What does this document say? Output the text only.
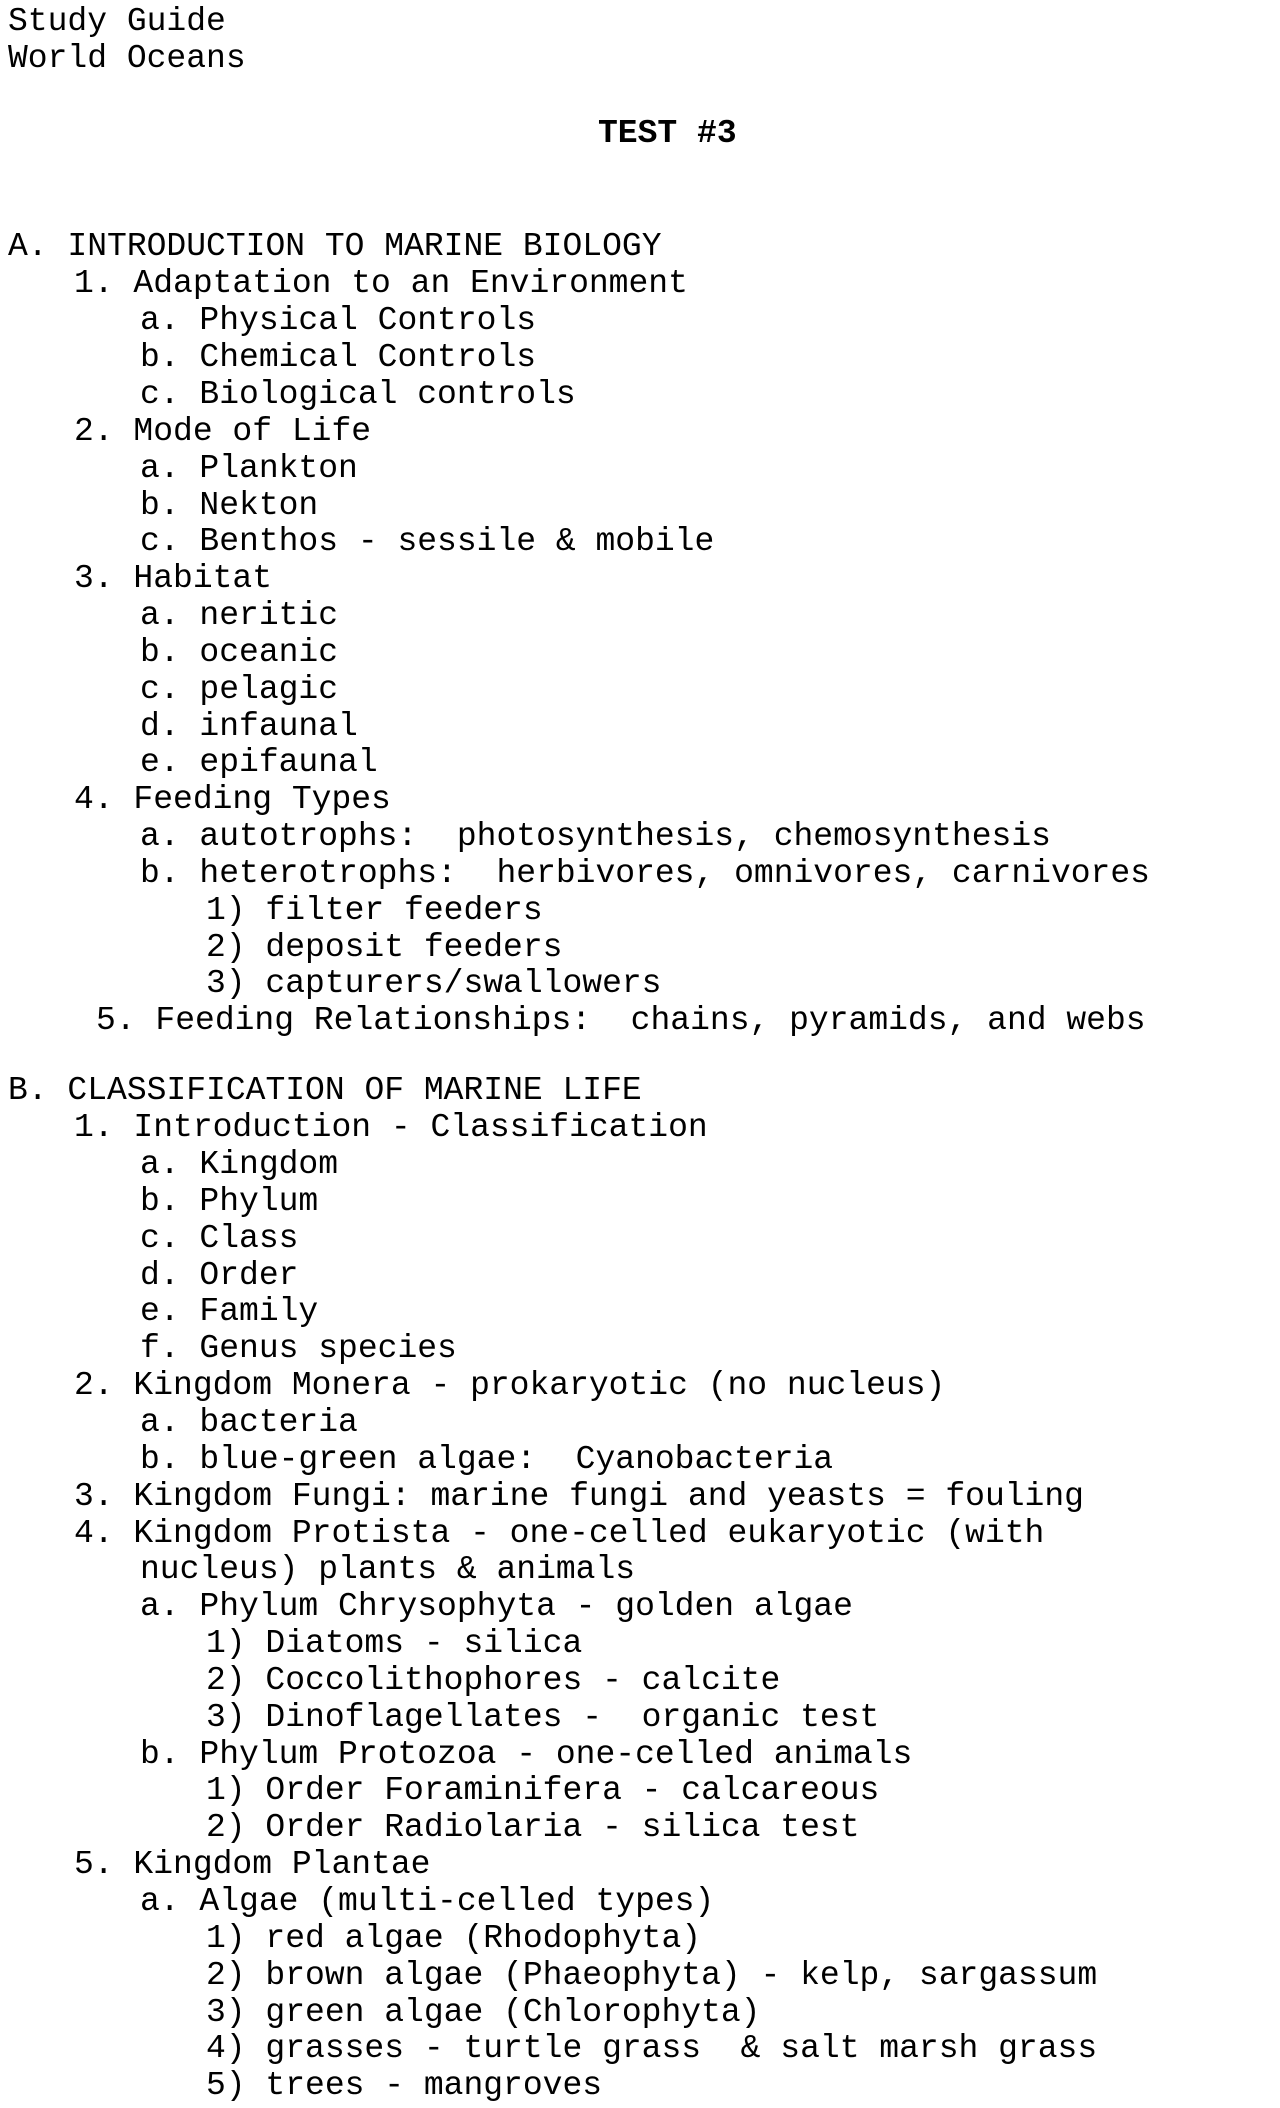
Study Guide
World Oceans
TEST #3
A. INTRODUCTION TO MARINE BIOLOGY
1. Adaptation to an Environment
a. Physical Controls
b. Chemical Controls
c. Biological controls
2. Mode of Life
a. Plankton
b. Nekton
c. Benthos - sessile & mobile
3. Habitat
a. neritic
b. oceanic
c. pelagic
d. infaunal
e. epifaunal
4. Feeding Types
a. autotrophs:  photosynthesis, chemosynthesis
b. heterotrophs:  herbivores, omnivores, carnivores
1) filter feeders
2) deposit feeders
3) capturers/swallowers
5. Feeding Relationships:  chains, pyramids, and webs
B. CLASSIFICATION OF MARINE LIFE
1. Introduction - Classification
a. Kingdom
b. Phylum
c. Class
d. Order
e. Family
f. Genus species
2. Kingdom Monera - prokaryotic (no nucleus)
a. bacteria
b. blue-green algae:  Cyanobacteria
3. Kingdom Fungi: marine fungi and yeasts = fouling
4. Kingdom Protista - one-celled eukaryotic (with
nucleus) plants & animals
a. Phylum Chrysophyta - golden algae
1) Diatoms - silica
2) Coccolithophores - calcite
3) Dinoflagellates -  organic test
b. Phylum Protozoa - one-celled animals
1) Order Foraminifera - calcareous
2) Order Radiolaria - silica test
5. Kingdom Plantae
a. Algae (multi-celled types)
1) red algae (Rhodophyta)
2) brown algae (Phaeophyta) - kelp, sargassum
3) green algae (Chlorophyta)
4) grasses - turtle grass  & salt marsh grass
5) trees - mangroves
